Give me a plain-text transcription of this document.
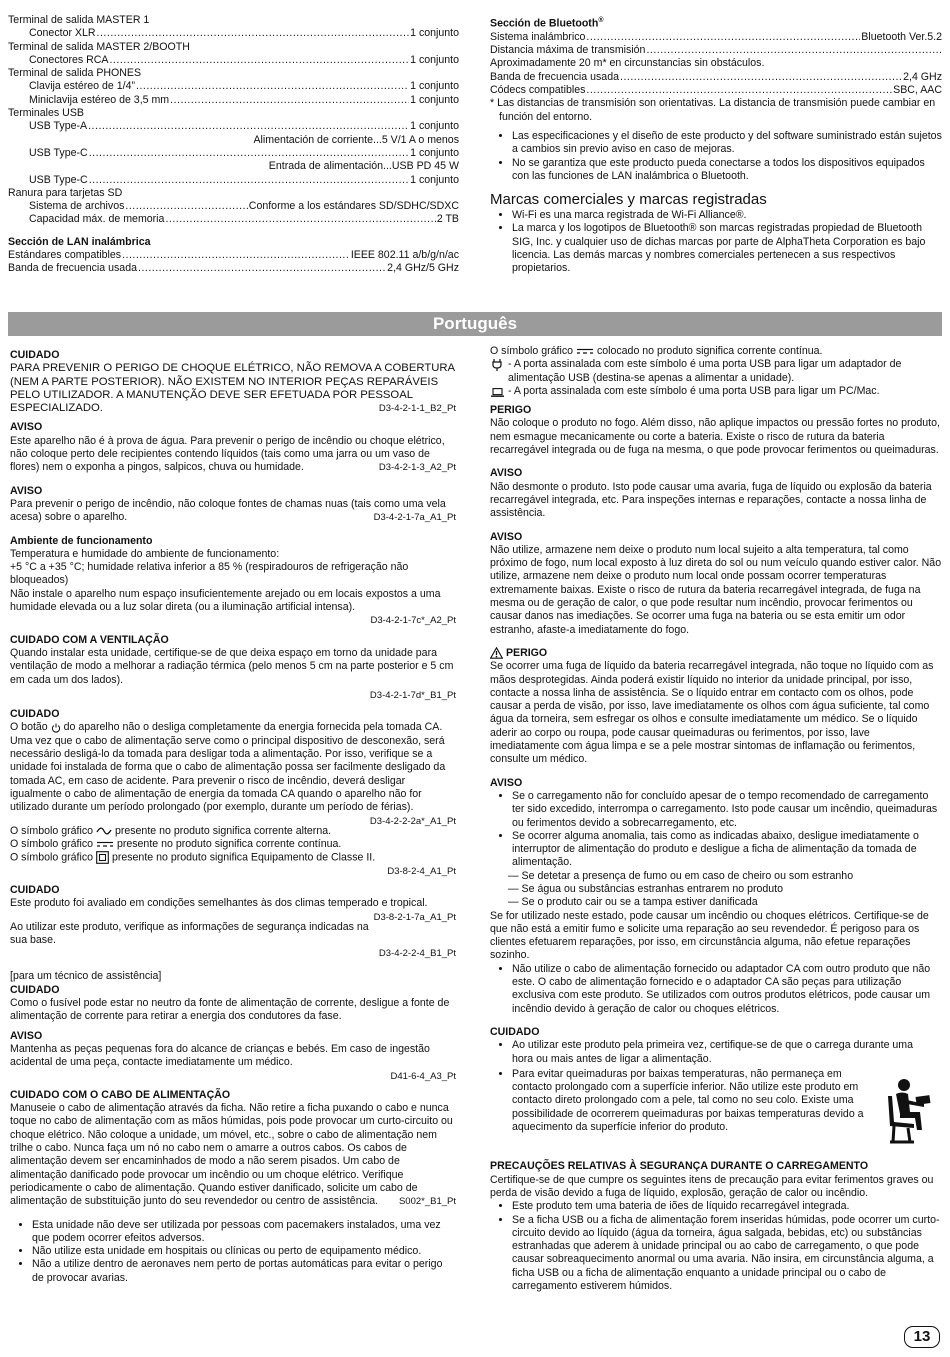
Terminal de salida MASTER 1
Conector XLR .....	1 conjunto
Terminal de salida MASTER 2/BOOTH
Conectores RCA .....	1 conjunto
Terminal de salida PHONES
Clavija estéreo de 1/4” .....	1 conjunto
Miniclavija estéreo de 3,5 mm .....	1 conjunto
Terminales USB
USB Type-A .....	1 conjunto
Alimentación de corriente...5 V/1 A o menos
USB Type-C .....	1 conjunto
Entrada de alimentación...USB PD 45 W
USB Type-C .....	1 conjunto
Ranura para tarjetas SD
Sistema de archivos .....	Conforme a los estándares SD/SDHC/SDXC
Capacidad máx. de memoria .....	2 TB
Sección de LAN inalámbrica
Estándares compatibles .....	IEEE 802.11 a/b/g/n/ac
Banda de frecuencia usada .....	2,4 GHz/5 GHz
Sección de Bluetooth®
Sistema inalámbrico .....	Bluetooth Ver.5.2
Distancia máxima de transmisión
.....
Aproximadamente 20 m* en circunstancias sin obstáculos.
Banda de frecuencia usada .....	2,4 GHz
Códecs compatibles .....	SBC, AAC
* Las distancias de transmisión son orientativas. La distancia de transmisión puede cambiar en función del entorno.
• Las especificaciones y el diseño de este producto y del software suministrado están sujetos a cambios sin previo aviso en caso de mejoras.
• No se garantiza que este producto pueda conectarse a todos los dispositivos equipados con las funciones de LAN inalámbrica o Bluetooth.
Marcas comerciales y marcas registradas
• Wi-Fi es una marca registrada de Wi-Fi Alliance®.
• La marca y los logotipos de Bluetooth® son marcas registradas propiedad de Bluetooth SIG, Inc. y cualquier uso de dichas marcas por parte de AlphaTheta Corporation es bajo licencia. Las demás marcas y nombres comerciales pertenecen a sus respectivos propietarios.
Português
CUIDADO
PARA PREVENIR O PERIGO DE CHOQUE ELÉTRICO, NÃO REMOVA A COBERTURA (NEM A PARTE POSTERIOR). NÃO EXISTEM NO INTERIOR PEÇAS REPARÁVEIS PELO UTILIZADOR. A MANUTENÇÃO DEVE SER EFETUADA POR PESSOAL ESPECIALIZADO.	D3-4-2-1-1_B2_Pt
AVISO
Este aparelho não é à prova de água. Para prevenir o perigo de incêndio ou choque elétrico, não coloque perto dele recipientes contendo líquidos (tais como uma jarra ou um vaso de flores) nem o exponha a pingos, salpicos, chuva ou humidade.	D3-4-2-1-3_A2_Pt
AVISO
Para prevenir o perigo de incêndio, não coloque fontes de chamas nuas (tais como uma vela acesa) sobre o aparelho.	D3-4-2-1-7a_A1_Pt
Ambiente de funcionamento
Temperatura e humidade do ambiente de funcionamento:
+5 °C a +35 °C; humidade relativa inferior a 85 % (respiradouros de refrigeração não bloqueados)
Não instale o aparelho num espaço insuficientemente arejado ou em locais expostos a uma humidade elevada ou a luz solar direta (ou a iluminação artificial intensa).
D3-4-2-1-7c*_A2_Pt
CUIDADO COM A VENTILAÇÃO
Quando instalar esta unidade, certifique-se de que deixa espaço em torno da unidade para ventilação de modo a melhorar a radiação térmica (pelo menos 5 cm na parte posterior e 5 cm em cada um dos lados).
D3-4-2-1-7d*_B1_Pt
CUIDADO
O botão do aparelho não o desliga completamente da energia fornecida pela tomada CA. Uma vez que o cabo de alimentação serve como o principal dispositivo de desconexão, será necessário desligá-lo da tomada para desligar toda a alimentação. Por isso, verifique se a unidade foi instalada de forma que o cabo de alimentação possa ser facilmente desligado da tomada AC, em caso de acidente. Para prevenir o risco de incêndio, deverá desligar igualmente o cabo de alimentação de energia da tomada CA quando o aparelho não for utilizado durante um período prolongado (por exemplo, durante um período de férias).
D3-4-2-2-2a*_A1_Pt
O símbolo gráfico presente no produto significa corrente alterna.
O símbolo gráfico presente no produto significa corrente contínua.
O símbolo gráfico presente no produto significa Equipamento de Classe II.
D3-8-2-4_A1_Pt
CUIDADO
Este produto foi avaliado em condições semelhantes às dos climas temperado e tropical.
D3-8-2-1-7a_A1_Pt
Ao utilizar este produto, verifique as informações de segurança indicadas na sua base.
D3-4-2-2-4_B1_Pt
[para um técnico de assistência]
CUIDADO
Como o fusível pode estar no neutro da fonte de alimentação de corrente, desligue a fonte de alimentação de corrente para retirar a energia dos condutores da fase.
AVISO
Mantenha as peças pequenas fora do alcance de crianças e bebés. Em caso de ingestão acidental de uma peça, contacte imediatamente um médico.
D41-6-4_A3_Pt
CUIDADO COM O CABO DE ALIMENTAÇÃO
Manuseie o cabo de alimentação através da ficha. Não retire a ficha puxando o cabo e nunca toque no cabo de alimentação com as mãos húmidas, pois pode provocar um curto-circuito ou choque elétrico. Não coloque a unidade, um móvel, etc., sobre o cabo de alimentação nem trilhe o cabo. Nunca faça um nó no cabo nem o amarre a outros cabos. Os cabos de alimentação devem ser encaminhados de modo a não serem pisados. Um cabo de alimentação danificado pode provocar um incêndio ou um choque elétrico. Verifique periodicamente o cabo de alimentação. Quando estiver danificado, solicite um cabo de alimentação de substituição junto do seu revendedor ou centro de assistência. S002*_B1_Pt
• Esta unidade não deve ser utilizada por pessoas com pacemakers instalados, uma vez que podem ocorrer efeitos adversos.
• Não utilize esta unidade em hospitais ou clínicas ou perto de equipamento médico.
• Não a utilize dentro de aeronaves nem perto de portas automáticas para evitar o perigo de provocar avarias.
O símbolo gráfico colocado no produto significa corrente contínua.
- A porta assinalada com este símbolo é uma porta USB para ligar um adaptador de alimentação USB (destina-se apenas a alimentar a unidade).
- A porta assinalada com este símbolo é uma porta USB para ligar um PC/Mac.
PERIGO
Não coloque o produto no fogo. Além disso, não aplique impactos ou pressão fortes no produto, nem esmague mecanicamente ou corte a bateria. Existe o risco de rutura da bateria recarregável integrada ou de fuga na mesma, o que pode provocar ferimentos ou queimaduras.
AVISO
Não desmonte o produto. Isto pode causar uma avaria, fuga de líquido ou explosão da bateria recarregável integrada, etc. Para inspeções internas e reparações, contacte a nossa linha de assistência.
AVISO
Não utilize, armazene nem deixe o produto num local sujeito a alta temperatura, tal como próximo de fogo, num local exposto à luz direta do sol ou num veículo quando estiver calor. Não utilize, armazene nem deixe o produto num local onde possam ocorrer temperaturas extremamente baixas. Existe o risco de rutura da bateria recarregável integrada, de fuga na mesma ou de geração de calor, o que pode resultar num incêndio, provocar ferimentos ou causar danos nas imediações. Se ocorrer uma fuga na bateria ou se esta emitir um odor estranho, afaste-a imediatamente do fogo.
PERIGO
Se ocorrer uma fuga de líquido da bateria recarregável integrada, não toque no líquido com as mãos desprotegidas. Ainda poderá existir líquido no interior da unidade principal, por isso, contacte a nossa linha de assistência. Se o líquido entrar em contacto com os olhos, pode causar a perda de visão, por isso, lave imediatamente os olhos com água suficiente, tal como água da torneira, sem esfregar os olhos e consulte imediatamente um médico. Se o líquido aderir ao corpo ou roupa, pode causar queimaduras ou ferimentos, por isso, lave imediatamente com água limpa e se a pele mostrar sintomas de inflamação ou ferimentos, consulte um médico.
AVISO
• Se o carregamento não for concluído apesar de o tempo recomendado de carregamento ter sido excedido, interrompa o carregamento. Isto pode causar um incêndio, queimaduras ou ferimentos devido a sobrecarregamento, etc.
• Se ocorrer alguma anomalia, tais como as indicadas abaixo, desligue imediatamente o interruptor de alimentação do produto e desligue a ficha de alimentação da tomada de alimentação.
— Se detetar a presença de fumo ou em caso de cheiro ou som estranho
— Se água ou substâncias estranhas entrarem no produto
— Se o produto cair ou se a tampa estiver danificada
Se for utilizado neste estado, pode causar um incêndio ou choques elétricos. Certifique-se de que não está a emitir fumo e solicite uma reparação ao seu revendedor. É perigoso para os clientes efetuarem reparações, por isso, em circunstância alguma, não efetue reparações sozinho.
• Não utilize o cabo de alimentação fornecido ou adaptador CA com outro produto que não este. O cabo de alimentação fornecido e o adaptador CA são peças para utilização exclusiva com este produto. Se utilizados com outros produtos elétricos, pode causar um incêndio devido à geração de calor ou choques elétricos.
CUIDADO
• Ao utilizar este produto pela primeira vez, certifique-se de que o carrega durante uma hora ou mais antes de ligar a alimentação.
• Para evitar queimaduras por baixas temperaturas, não permaneça em contacto prolongado com a superfície inferior. Não utilize este produto em contacto direto prolongado com a pele, tal como no seu colo. Existe uma possibilidade de ocorrerem queimaduras por baixas temperaturas devido a aquecimento da superfície inferior do produto.
PRECAUÇÕES RELATIVAS À SEGURANÇA DURANTE O CARREGAMENTO
Certifique-se de que cumpre os seguintes itens de precaução para evitar ferimentos graves ou perda de visão devido a fuga de líquido, explosão, geração de calor ou incêndio.
• Este produto tem uma bateria de iões de líquido recarregável integrada.
• Se a ficha USB ou a ficha de alimentação forem inseridas húmidas, pode ocorrer um curto-circuito devido ao líquido (água da torneira, água salgada, bebidas, etc) ou substâncias estranhadas que aderem à unidade principal ou ao cabo de carregamento, o que pode causar sobreaquecimento anormal ou uma avaria. Não insira, em circunstância alguma, a ficha USB ou a ficha de alimentação enquanto a unidade principal ou o cabo de carregamento estiverem húmidos.
13
